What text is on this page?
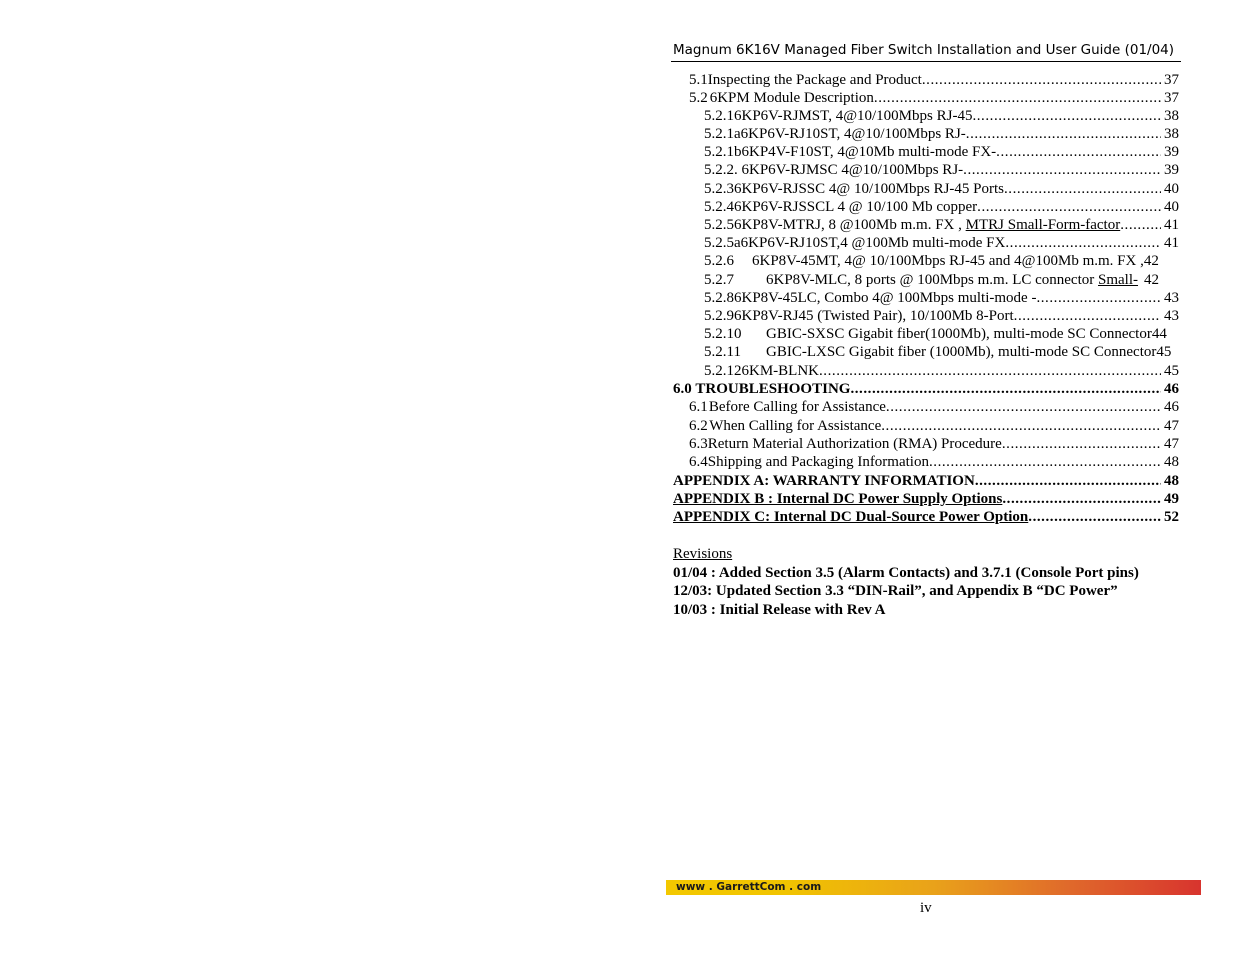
Magnum 6K16V Managed Fiber Switch Installation and User Guide (01/04)
5.1 Inspecting the Package and Product . . .	37
5.2 6KPM Module Description . . .	37
5.2.1 6KP6V-RJMST, 4@10/100Mbps RJ-45 . . .	38
5.2.1a 6KP6V-RJ10ST, 4@10/100Mbps RJ- . . .	38
5.2.1b 6KP4V-F10ST, 4@10Mb multi-mode FX- . . .	39
5.2.2. 6KP6V-RJMSC 4@10/100Mbps RJ- . . .	39
5.2.3 6KP6V-RJSSC 4@ 10/100Mbps RJ-45 Ports . . .	40
5.2.4 6KP6V-RJSSCL 4 @ 10/100 Mb copper . . .	40
5.2.5 6KP8V-MTRJ, 8 @100Mb m.m. FX ,
MTRJ Small-Form-factor . . .	41
5.2.5a 6KP6V-RJ10ST,4 @100Mb multi-mode FX . . .	41
5.2.6	6KP8V-45MT, 4@ 10/100Mbps RJ-45 and 4@100Mb m.m. FX , 42
5.2.7	6KP8V-MLC, 8 ports @ 100Mbps m.m. LC connector
Small- 42
5.2.8 6KP8V-45LC, Combo 4@ 100Mbps multi-mode - . . .	43
5.2.9 6KP8V-RJ45 (Twisted Pair), 10/100Mb 8-Port . . .	43
5.2.10	GBIC-SXSC Gigabit fiber(1000Mb), multi-mode SC Connector 44
5.2.11	GBIC-LXSC Gigabit fiber (1000Mb), multi-mode SC Connector 45
5.2.12 6KM-BLNK . . .	45
6.0 TROUBLESHOOTING . . .	46
6.1 Before Calling for Assistance . . .	46
6.2 When Calling for Assistance . . .	47
6.3 Return Material Authorization (RMA) Procedure . . .	47
6.4 Shipping and Packaging Information . . .	48
APPENDIX A: WARRANTY INFORMATION . . .	48
APPENDIX B : Internal DC Power Supply Options . . .	49
APPENDIX C: Internal DC Dual-Source Power Option . . .	52
Revisions
01/04 : Added Section 3.5 (Alarm Contacts) and 3.7.1 (Console Port pins)
12/03: Updated Section 3.3 “DIN-Rail”, and Appendix B “DC Power”
10/03 : Initial Release with Rev A
www . GarrettCom . com
iv
